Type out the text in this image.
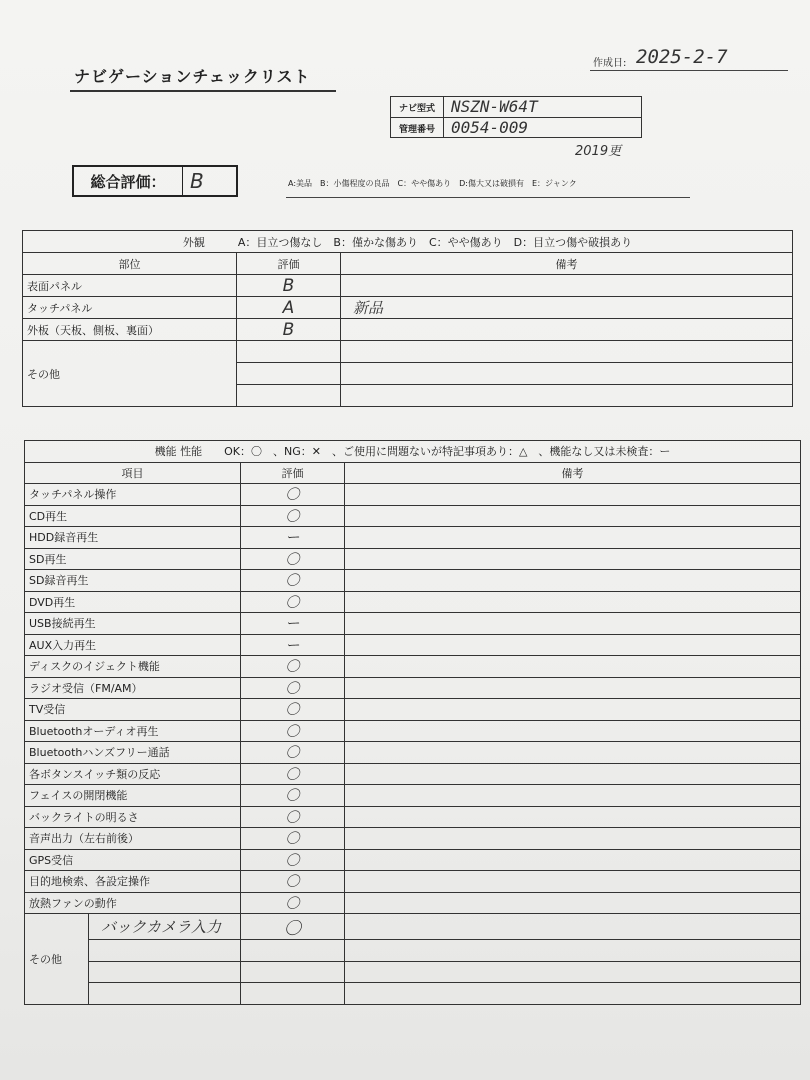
ナビゲーションチェックリスト
作成日: 2025-2-7
ナビ型式	NSZN-W64T
管理番号	0054-009
2019更
総合評価：	B	A:美品　B：小傷程度の良品　C：やや傷あり　D:傷大又は破損有　E：ジャンク
外観　　　A：目立つ傷なし　B：僅かな傷あり　C：やや傷あり　D：目立つ傷や破損あり		
部位	評価	備考
表面パネル	B	
タッチパネル	A	新品
外板（天板、側板、裏面）	B	
その他		

機能 性能　　OK：〇　、NG：✕　、ご使用に問題ないが特記事項あり：△　、機能なし又は未検査：ー			
項目		評価	備考
タッチパネル操作		〇	
CD再生		〇	
HDD録音再生		ー	
SD再生		〇	
SD録音再生		〇	
DVD再生		〇	
USB接続再生		ー	
AUX入力再生		ー	
ディスクのイジェクト機能		〇	
ラジオ受信（FM/AM）		〇	
TV受信		〇	
Bluetoothオーディオ再生		〇	
Bluetoothハンズフリー通話		〇	
各ボタンスイッチ類の反応		〇	
フェイスの開閉機能		〇	
バックライトの明るさ		〇	
音声出力（左右前後）		〇	
GPS受信		〇	
目的地検索、各設定操作		〇	
放熱ファンの動作		〇	
その他	バックカメラ入力	〇	
